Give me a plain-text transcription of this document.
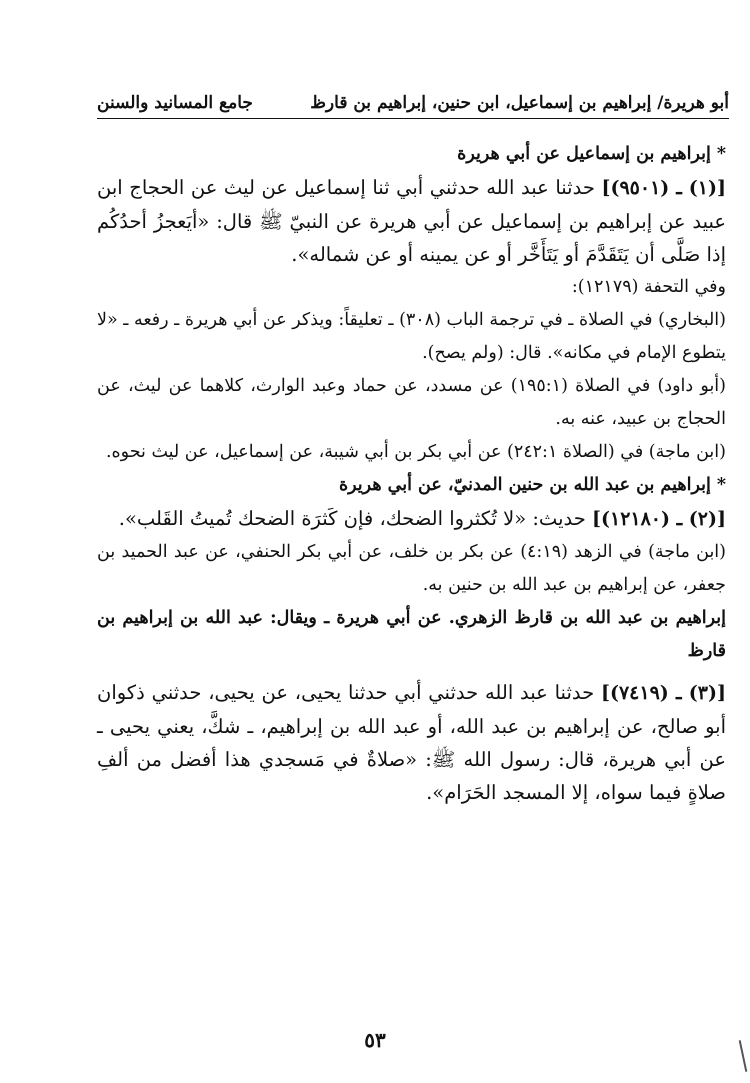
أبو هريرة/ إبراهيم بن إسماعيل، ابن حنين، إبراهيم بن قارظ
جامع المسانيد والسنن

*إبراهيم بن إسماعيل عن أبي هريرة

[(١) ـ (٩٥٠١)] حدثنا عبد الله حدثني أبي ثنا إسماعيل عن ليث عن الحجاج ابن عبيد عن إبراهيم بن إسماعيل عن أبي هريرة عن النبيّ ﷺ قال: «أيَعجزُ أحدُكُم إذا صَلَّى أن يَتَقَدَّمَ أو يَتَأَخَّر أو عن يمينه أو عن شماله».

وفي التحفة (١٢١٧٩):

(البخاري) في الصلاة ـ في ترجمة الباب (٣٠٨) ـ تعليقاً: ويذكر عن أبي هريرة ـ رفعه ـ «لا يتطوع الإمام في مكانه». قال: (ولم يصح).

(أبو داود) في الصلاة (١٩٥:١) عن مسدد، عن حماد وعبد الوارث، كلاهما عن ليث، عن الحجاج بن عبيد، عنه به.

(ابن ماجة) في (الصلاة ٢٤٢:١) عن أبي بكر بن أبي شيبة، عن إسماعيل، عن ليث نحوه.

*إبراهيم بن عبد الله بن حنين المدنيّ، عن أبي هريرة

[(٢) ـ (١٢١٨٠)] حديث: «لا تُكثروا الضحك، فإن كَثرَة الضحك تُميتُ القَلب».

(ابن ماجة) في الزهد (٤:١٩) عن بكر بن خلف، عن أبي بكر الحنفي، عن عبد الحميد بن جعفر، عن إبراهيم بن عبد الله بن حنين به.

إبراهيم بن عبد الله بن قارظ الزهري. عن أبي هريرة ـ ويقال: عبد الله بن إبراهيم بن قارظ

[(٣) ـ (٧٤١٩)] حدثنا عبد الله حدثني أبي حدثنا يحيى، عن يحيى، حدثني ذكوان أبو صالح، عن إبراهيم بن عبد الله، أو عبد الله بن إبراهيم، ـ شكَّ، يعني يحيى ـ عن أبي هريرة، قال: رسول الله ﷺ: «صلاةٌ في مَسجدي هذا أفضل من ألفِ صلاةٍ فيما سواه، إلا المسجد الحَرَام».

٥٣
